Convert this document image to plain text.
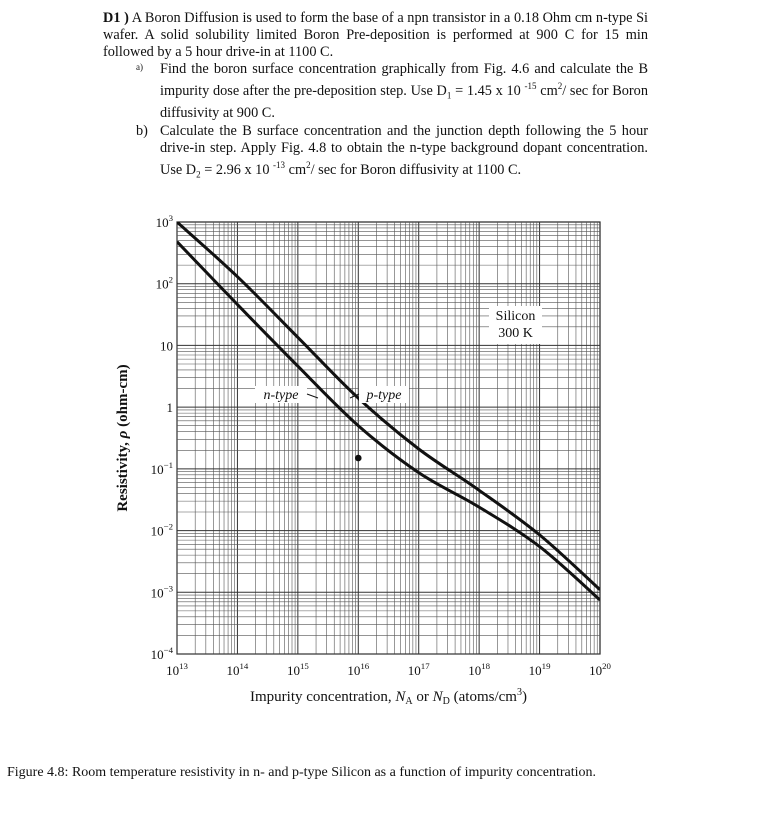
D1 ) A Boron Diffusion is used to form the base of a npn transistor in a 0.18 Ohm cm n-type Si wafer. A solid solubility limited Boron Pre-deposition is performed at 900 C for 15 min followed by a 5 hour drive-in at 1100 C.

a) Find the boron surface concentration graphically from Fig. 4.6 and calculate the B impurity dose after the pre-deposition step. Use $D_1 = 1.45$ x 10 $^{-15}$ $cm^2/$ sec for Boron diffusivity at 900 C.

b) Calculate the B surface concentration and the junction depth following the 5 hour drive-in step. Apply Fig. 4.8 to obtain the n-type background dopant concentration. Use $D_2 = 2.96$ x 10 $^{-13}$ $cm^2/$ sec for Boron diffusivity at 1100 C.

$10^{13}$	$10^{14}$	$10^{15}$	$10^{16}$	$10^{17}$	$10^{18}$	$10^{19}$	$10^{20}$
$10^3$
$10^2$
10
1
$10^{-1}$
$10^{-2}$
$10^{-3}$
$10^{-4}$
Impurity concentration, $N_A$ or $N_D$ $(atoms/cm^3)$
Resistivity, ρ (ohm-cm)
Silicon
300 K
n-type	p-type
Figure 4.8: Room temperature resistivity in n- and p-type Silicon as a function of impurity concentration.
